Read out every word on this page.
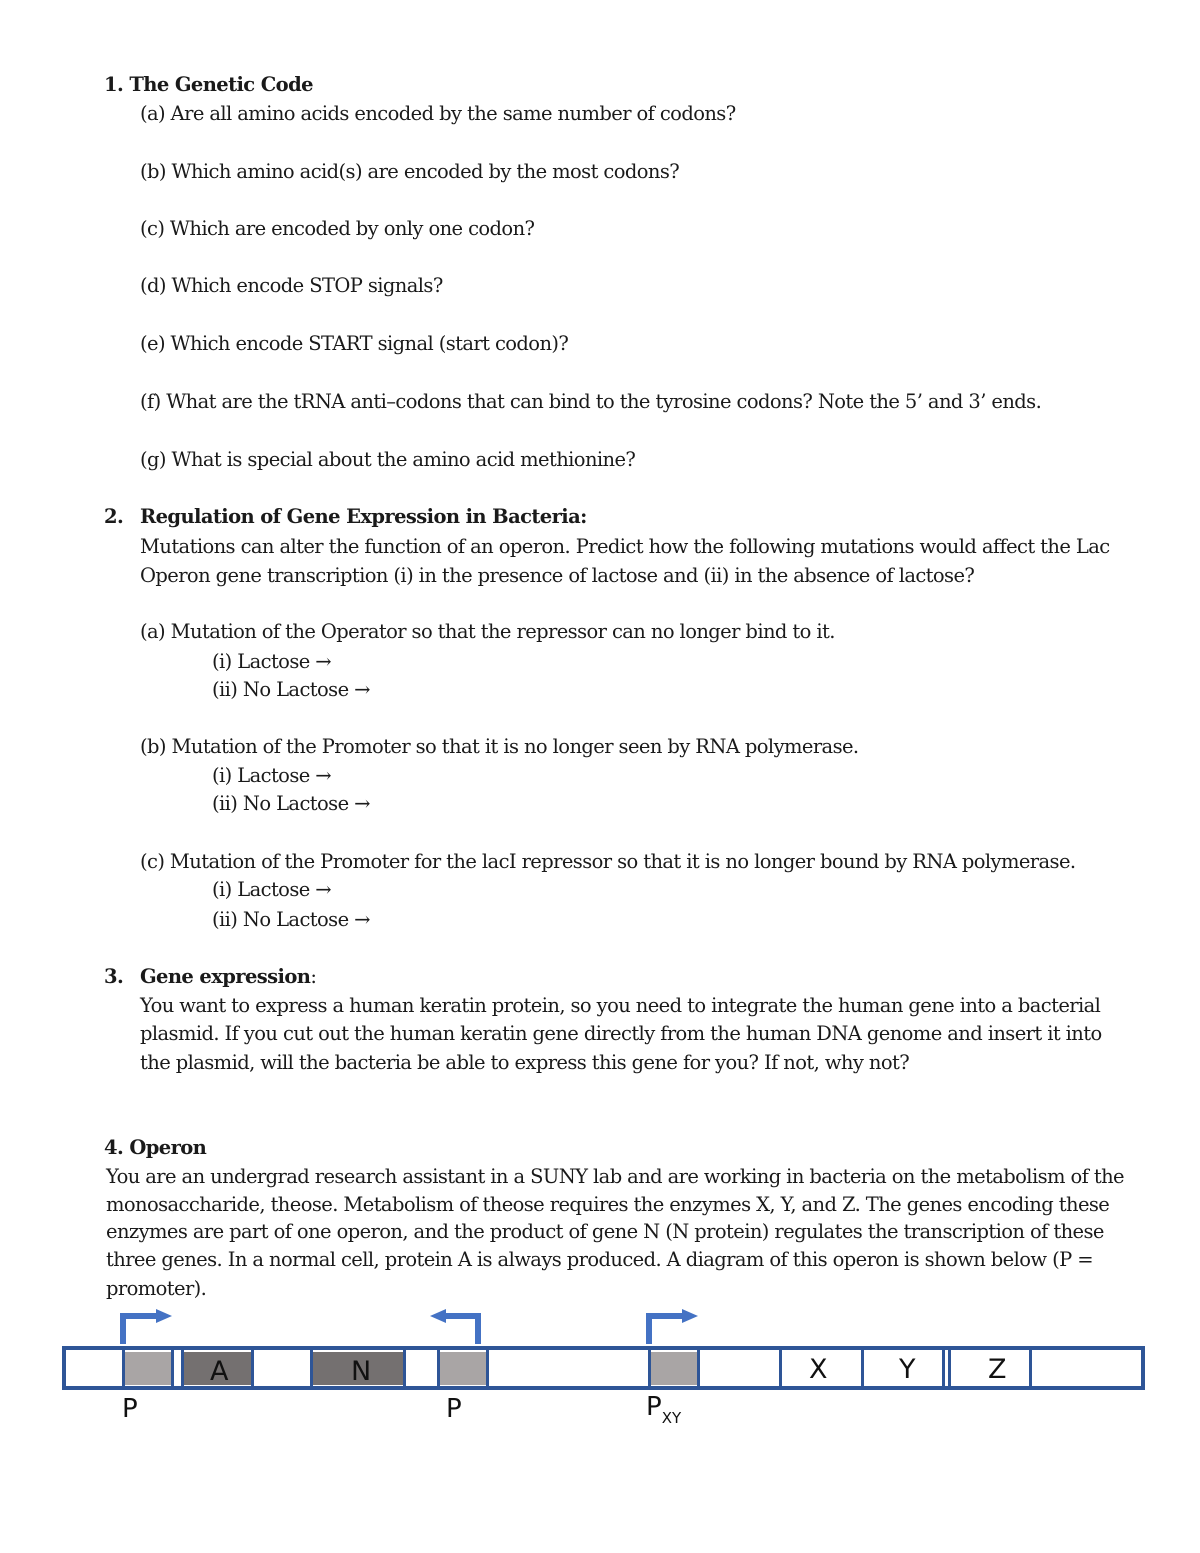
1. The Genetic Code
(a) Are all amino acids encoded by the same number of codons?
(b) Which amino acid(s) are encoded by the most codons?
(c) Which are encoded by only one codon?
(d) Which encode STOP signals?
(e) Which encode START signal (start codon)?
(f) What are the tRNA anti–codons that can bind to the tyrosine codons? Note the 5’ and 3’ ends.
(g) What is special about the amino acid methionine?
2. Regulation of Gene Expression in Bacteria:
Mutations can alter the function of an operon. Predict how the following mutations would affect the Lac
Operon gene transcription (i) in the presence of lactose and (ii) in the absence of lactose?
(a) Mutation of the Operator so that the repressor can no longer bind to it.
(i) Lactose →
(ii) No Lactose →
(b) Mutation of the Promoter so that it is no longer seen by RNA polymerase.
(i) Lactose →
(ii) No Lactose →
(c) Mutation of the Promoter for the lacI repressor so that it is no longer bound by RNA polymerase.
(i) Lactose →
(ii) No Lactose →
3. Gene expression:
You want to express a human keratin protein, so you need to integrate the human gene into a bacterial
plasmid. If you cut out the human keratin gene directly from the human DNA genome and insert it into
the plasmid, will the bacteria be able to express this gene for you? If not, why not?
4. Operon
You are an undergrad research assistant in a SUNY lab and are working in bacteria on the metabolism of the
monosaccharide, theose. Metabolism of theose requires the enzymes X, Y, and Z. The genes encoding these
enzymes are part of one operon, and the product of gene N (N protein) regulates the transcription of these
three genes. In a normal cell, protein A is always produced. A diagram of this operon is shown below (P =
promoter).
A	N	X	Y	Z
P	P	$P_{XY}$
